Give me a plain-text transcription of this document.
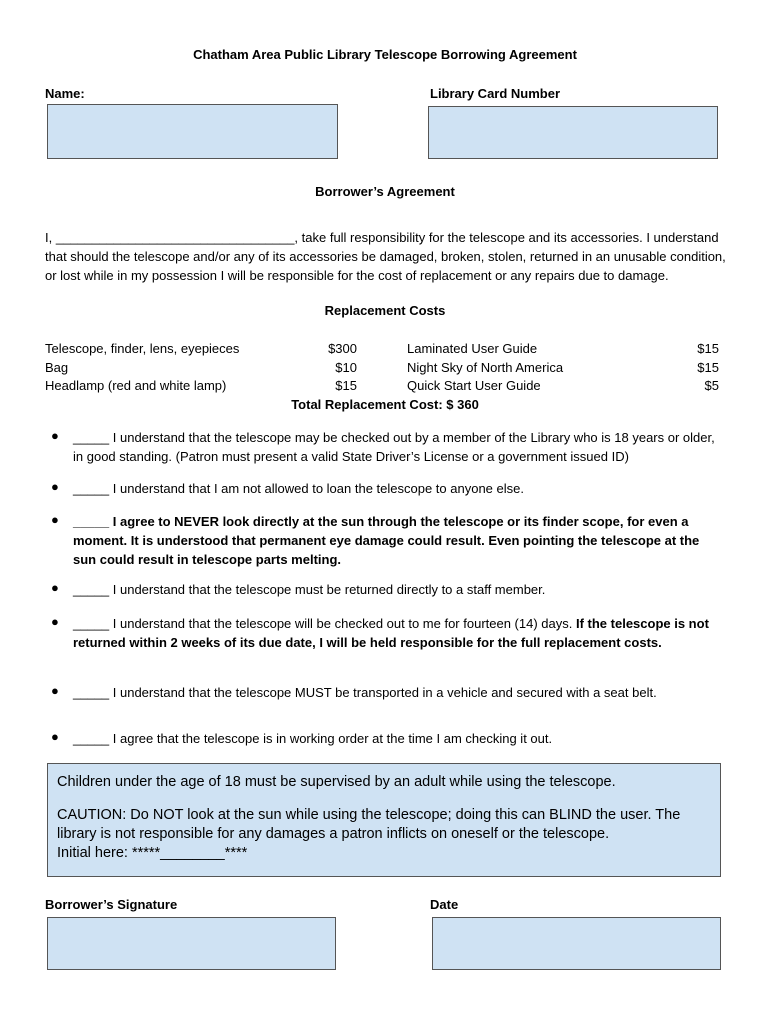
Chatham Area Public Library Telescope Borrowing Agreement
Name:	Library Card Number
Borrower’s Agreement
I, _________________________________, take full responsibility for the telescope and its accessories. I understand that should the telescope and/or any of its accessories be damaged, broken, stolen, returned in an unusable condition, or lost while in my possession I will be responsible for the cost of replacement or any repairs due to damage.
Replacement Costs
Telescope, finder, lens, eyepieces	$300	Laminated User Guide	$15
Bag	$10	Night Sky of North America	$15
Headlamp (red and white lamp)	$15	Quick Start User Guide	$5
Total Replacement Cost: $ 360
● _____ I understand that the telescope may be checked out by a member of the Library who is 18 years or older, in good standing. (Patron must present a valid State Driver’s License or a government issued ID)
● _____ I understand that I am not allowed to loan the telescope to anyone else.
● _____ I agree to NEVER look directly at the sun through the telescope or its finder scope, for even a moment. It is understood that permanent eye damage could result. Even pointing the telescope at the sun could result in telescope parts melting.
● _____ I understand that the telescope must be returned directly to a staff member.
● _____ I understand that the telescope will be checked out to me for fourteen (14) days. If the telescope is not returned within 2 weeks of its due date, I will be held responsible for the full replacement costs.
● _____ I understand that the telescope MUST be transported in a vehicle and secured with a seat belt.
● _____ I agree that the telescope is in working order at the time I am checking it out.

Children under the age of 18 must be supervised by an adult while using the telescope.

CAUTION: Do NOT look at the sun while using the telescope; doing this can BLIND the user. The library is not responsible for any damages a patron inflicts on oneself or the telescope.

Initial here: *****________****

Borrower’s Signature	Date
